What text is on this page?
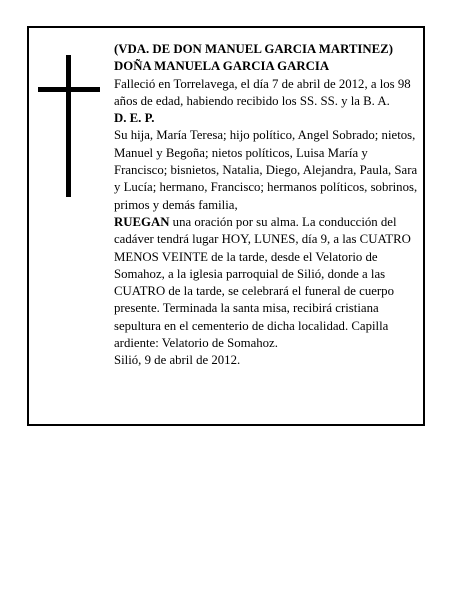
(VDA. DE DON MANUEL GARCIA MARTINEZ)

DOÑA MANUELA GARCIA GARCIA

Falleció en Torrelavega, el día 7 de abril de 2012, a los 98 años de edad, habiendo recibido los SS. SS. y la B. A.

D. E. P.

Su hija, María Teresa; hijo político, Angel Sobrado; nietos, Manuel y Begoña; nietos políticos, Luisa María y Francisco; bisnietos, Natalia, Diego, Alejandra, Paula, Sara y Lucía; hermano, Francisco; hermanos políticos, sobrinos, primos y demás familia,

RUEGAN una oración por su alma. La conducción del cadáver tendrá lugar HOY, LUNES, día 9, a las CUATRO MENOS VEINTE de la tarde, desde el Velatorio de Somahoz, a la iglesia parroquial de Silió, donde a las CUATRO de la tarde, se celebrará el funeral de cuerpo presente. Terminada la santa misa, recibirá cristiana sepultura en el cementerio de dicha localidad. Capilla ardiente: Velatorio de Somahoz.

Silió, 9 de abril de 2012.
